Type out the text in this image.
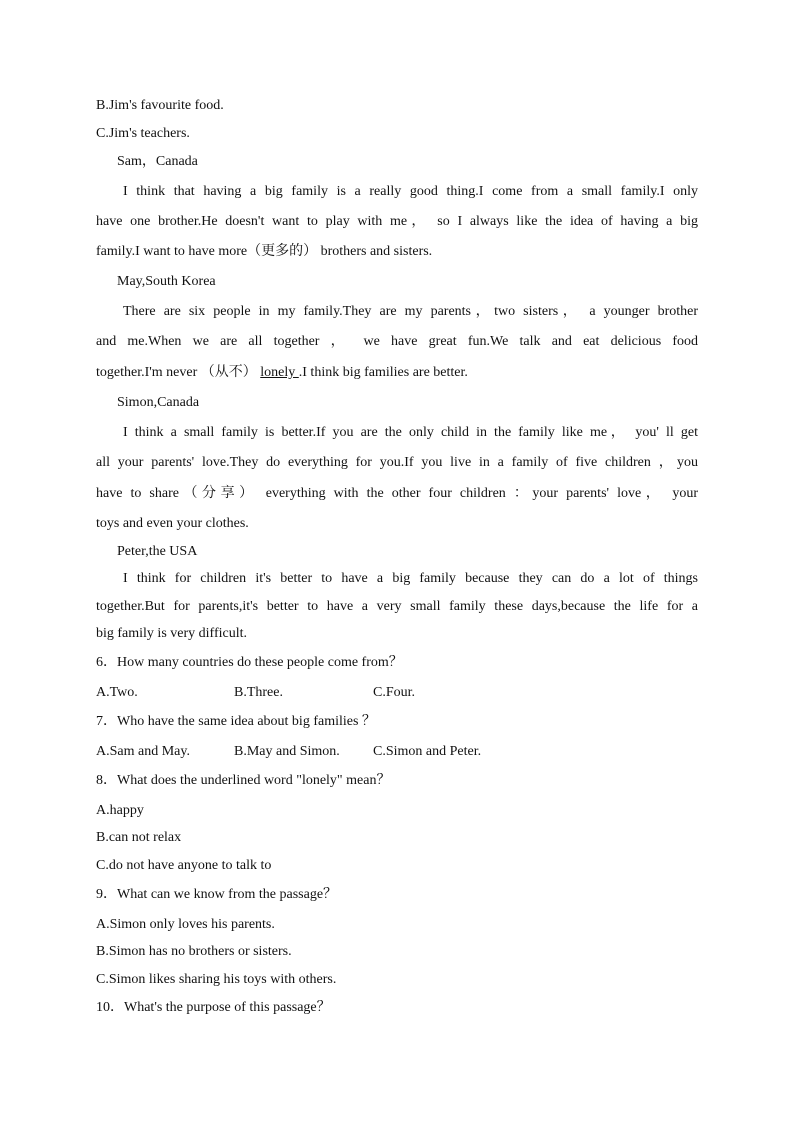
B.Jim's favourite food.
C.Jim's teachers.
Sam，Canada
I think that having a big family is a really good thing.I come from a small family.I only
have one brother.He doesn't want to play with me， so I always like the idea of having a big
family.I want to have more（更多的） brothers and sisters.
May,South Korea
There are six people in my family.They are my parents，two sisters， a younger brother
and me.When we are all together ， we have great fun.We talk and eat delicious food
together.I'm never （从不） lonely .I think big families are better.
Simon,Canada
I think a small family is better.If you are the only child in the family like me， you' ll get
all your parents' love.They do everything for you.If you live in a family of five children ，you
have to share（分享） everything with the other four children ：your parents' love， your
toys and even your clothes.
Peter,the USA
I think for children it's better to have a big family because they can do a lot of things
together.But for parents,it's better to have a very small family these days,because the life for a
big family is very difficult.
6．How many countries do these people come from？
A.Two.	B.Three.	C.Four.
7．Who have the same idea about big families ？
A.Sam and May.	B.May and Simon. C.Simon and Peter.
8．What does the underlined word "lonely" mean？
A.happy
B.can not relax
C.do not have anyone to talk to
9．What can we know from the passage？
A.Simon only loves his parents.
B.Simon has no brothers or sisters.
C.Simon likes sharing his toys with others.
10．What's the purpose of this passage？
